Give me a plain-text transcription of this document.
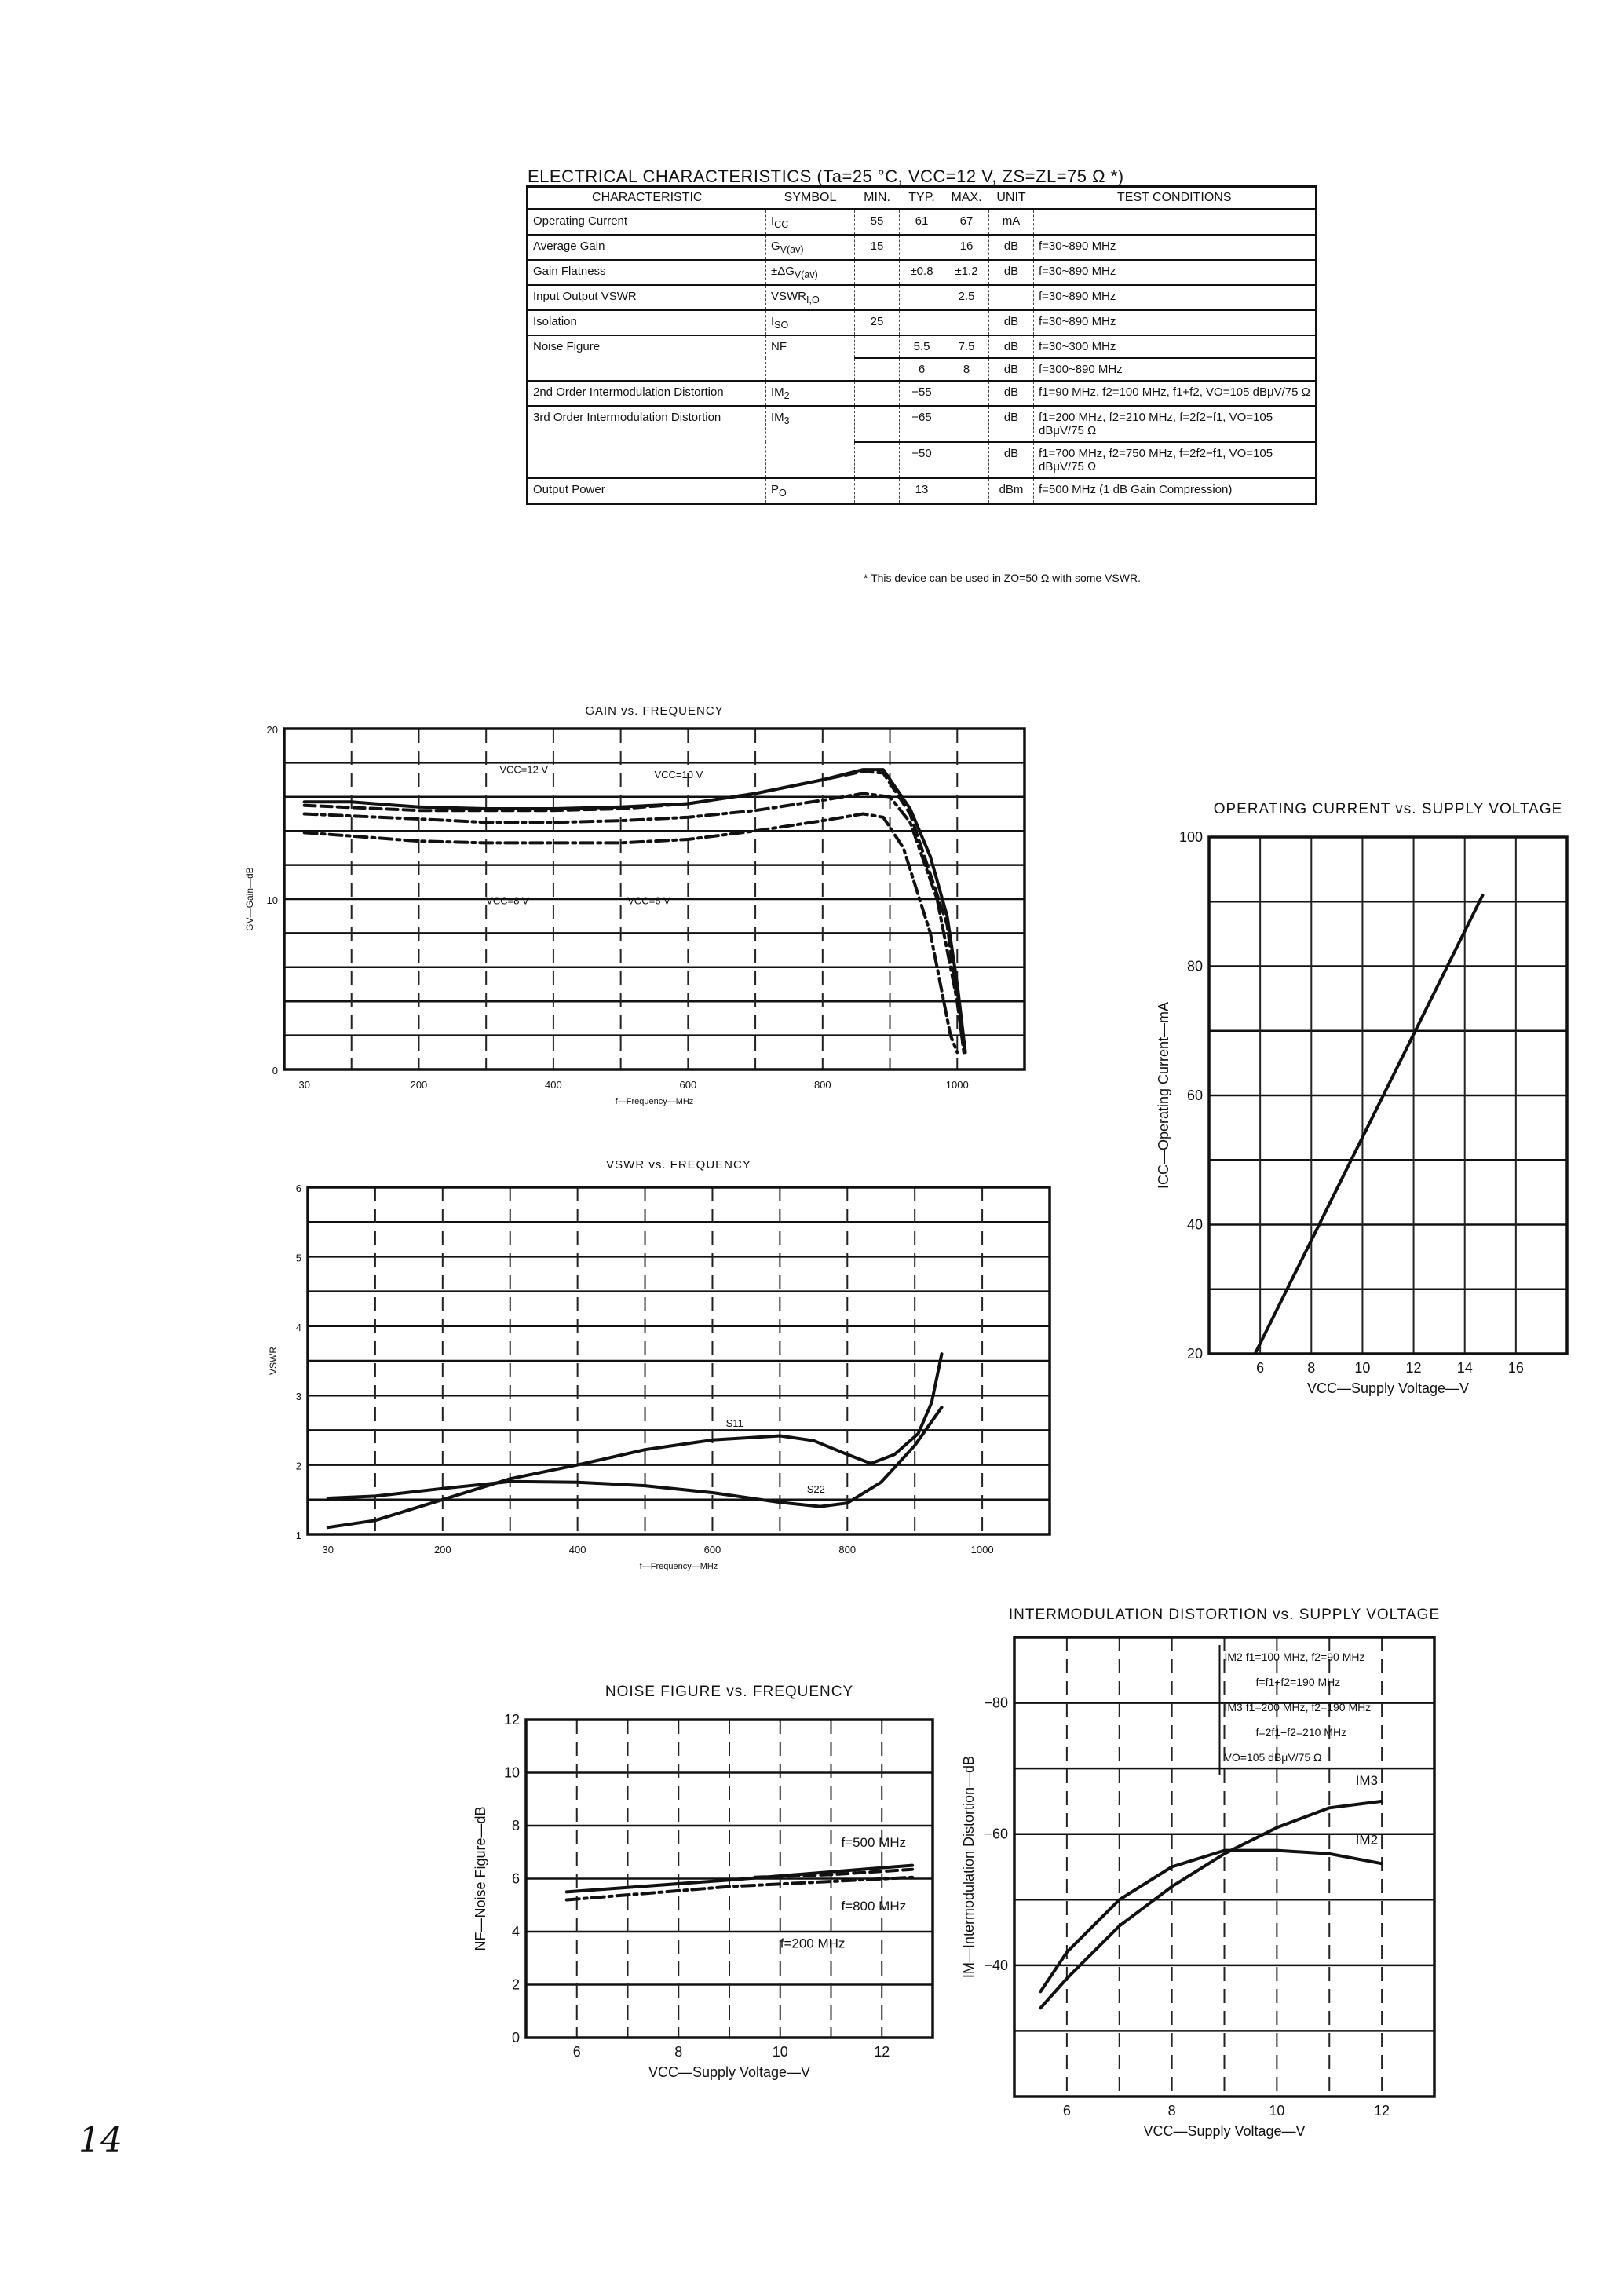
ELECTRICAL CHARACTERISTICS (Ta=25 °C, VCC=12 V, ZS=ZL=75 Ω *)
CHARACTERISTIC	SYMBOL	MIN.	TYP.	MAX.	UNIT	TEST CONDITIONS
Operating Current	$I_{CC}$	55	61	67	mA	
Average Gain	$G_{V(av)}$	15		16	dB	f=30~890 MHz
Gain Flatness	$\pm\Delta G_{V(av)}$		±0.8	±1.2	dB	f=30~890 MHz
Input Output VSWR	$VSWR_{I,O}$			2.5		f=30~890 MHz
Isolation	$I_{SO}$	25			dB	f=30~890 MHz
Noise Figure	NF		5.5	7.5	dB	f=30~300 MHz
			6	8	dB	f=300~890 MHz
2nd Order Intermodulation Distortion	$IM_2$		−55		dB	f1=90 MHz, f2=100 MHz, f1+f2, VO=105 dBμV/75 Ω
3rd Order Intermodulation Distortion	$IM_3$		−65		dB	f1=200 MHz, f2=210 MHz, f=2f2−f1, VO=105 dBμV/75 Ω
			−50		dB	f1=700 MHz, f2=750 MHz, f=2f2−f1, VO=105 dBμV/75 Ω
Output Power	$P_O$		13		dBm	f=500 MHz (1 dB Gain Compression)
* This device can be used in ZO=50 Ω with some VSWR.
14
GAIN vs. FREQUENCY
30	200	400	600	800	1000
0
10
20
f—Frequency—MHz
GV—Gain—dB
VCC=12 V	VCC=10 V
VCC=8 V	VCC=6 V
VSWR vs. FREQUENCY
30	200	400	600	800	1000
1
2
3
4
5
6
f—Frequency—MHz
VSWR
S11
S22
OPERATING CURRENT vs. SUPPLY VOLTAGE
6	8	10	12	14	16
20
40
60
80
100
VCC—Supply Voltage—V
ICC—Operating Current—mA
NOISE FIGURE vs. FREQUENCY
6	8	10	12
0
2
4
6
8
10
12
VCC—Supply Voltage—V
NF—Noise Figure—dB	f=500 MHz
f=800 MHz
f=200 MHz
INTERMODULATION DISTORTION vs. SUPPLY VOLTAGE
6	8	10	12
−40
−60
−80
VCC—Supply Voltage—V
IM—Intermodulation Distortion—dB	IM3
IM2
IM2 f1=100 MHz, f2=90 MHz
f=f1+f2=190 MHz
IM3 f1=200 MHz, f2=190 MHz
f=2f1−f2=210 MHz
VO=105 dBμV/75 Ω
